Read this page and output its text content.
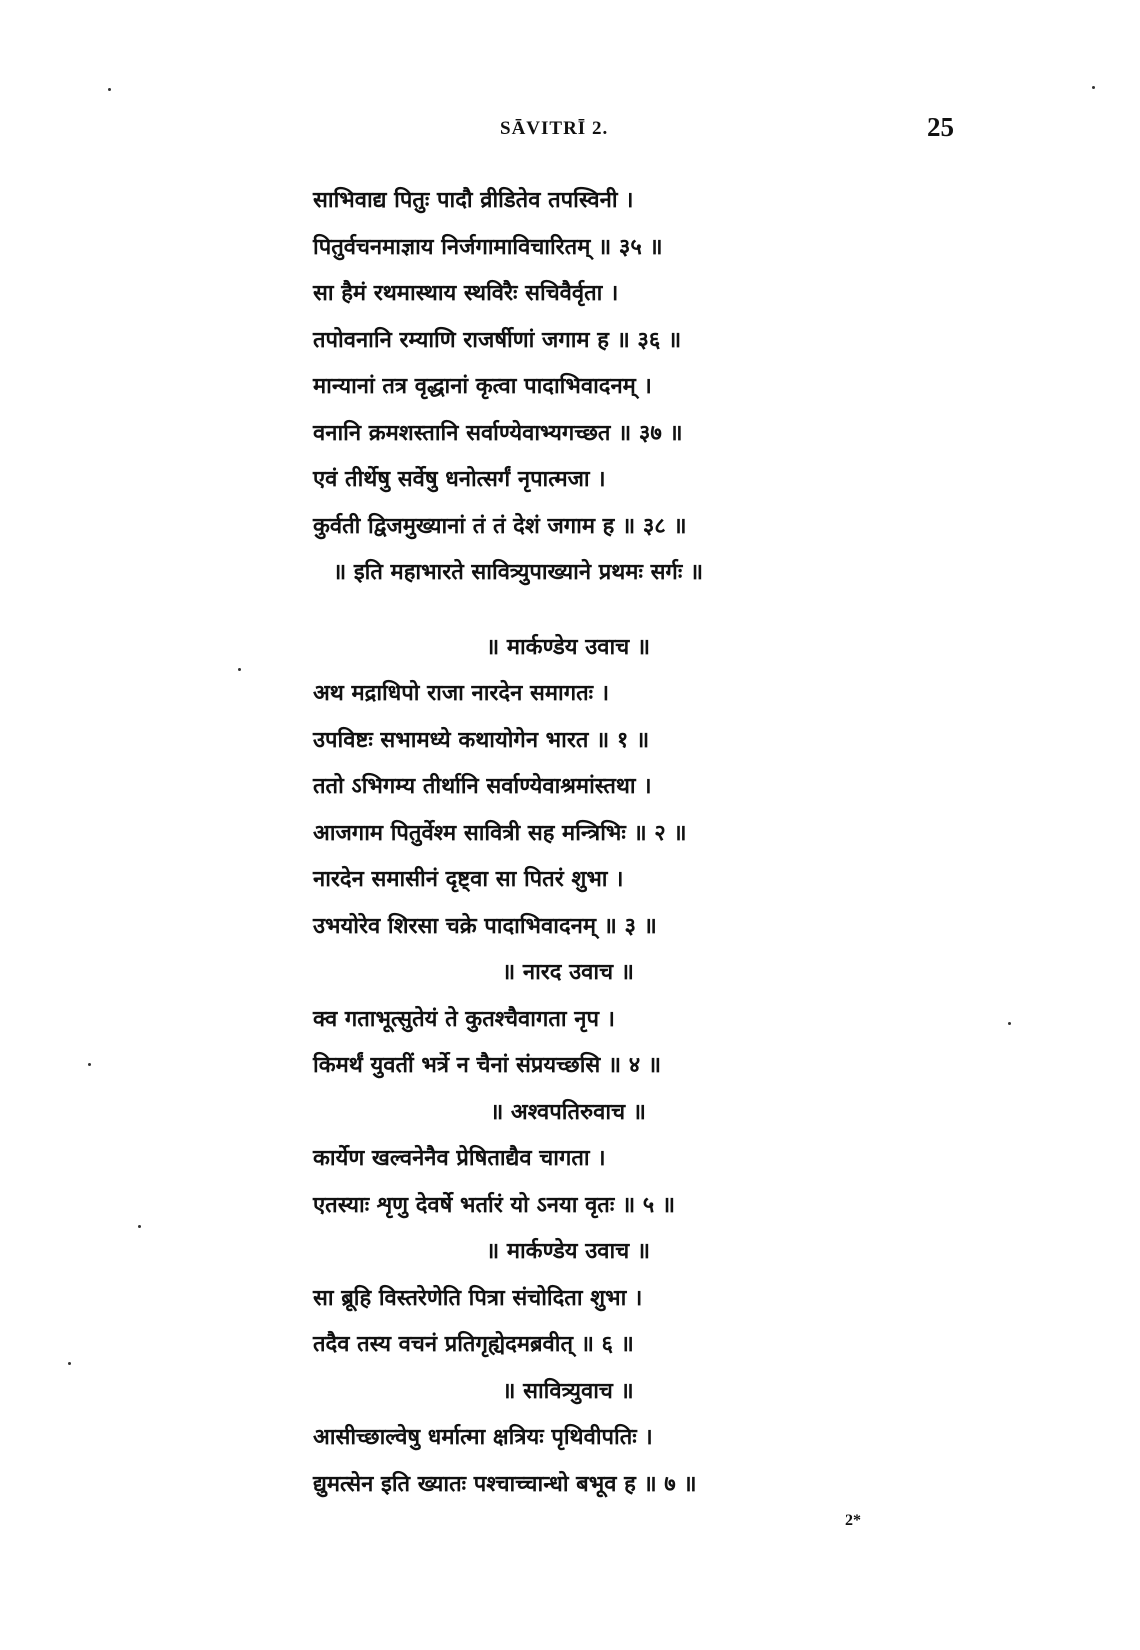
SĀVITRĪ 2.	25
साभिवाद्य पितुः पादौ व्रीडितेव तपस्विनी ।
पितुर्वचनमाज्ञाय निर्जगामाविचारितम् ॥ ३५ ॥
सा हैमं रथमास्थाय स्थविरैः सचिवैर्वृता ।
तपोवनानि रम्याणि राजर्षीणां जगाम ह ॥ ३६ ॥
मान्यानां तत्र वृद्धानां कृत्वा पादाभिवादनम् ।
वनानि क्रमशस्तानि सर्वाण्येवाभ्यगच्छत ॥ ३७ ॥
एवं तीर्थेषु सर्वेषु धनोत्सर्गं नृपात्मजा ।
कुर्वती द्विजमुख्यानां तं तं देशं जगाम ह ॥ ३८ ॥
॥ इति महाभारते सावित्र्युपाख्याने प्रथमः सर्गः ॥
॥ मार्कण्डेय उवाच ॥
अथ मद्राधिपो राजा नारदेन समागतः ।
उपविष्टः सभामध्ये कथायोगेन भारत ॥ १ ॥
ततो ऽभिगम्य तीर्थानि सर्वाण्येवाश्रमांस्तथा ।
आजगाम पितुर्वेश्म सावित्री सह मन्त्रिभिः ॥ २ ॥
नारदेन समासीनं दृष्ट्वा सा पितरं शुभा ।
उभयोरेव शिरसा चक्रे पादाभिवादनम् ॥ ३ ॥
॥ नारद उवाच ॥
क्व गताभूत्सुतेयं ते कुतश्चैवागता नृप ।
किमर्थं युवतीं भर्त्रे न चैनां संप्रयच्छसि ॥ ४ ॥
॥ अश्वपतिरुवाच ॥
कार्येण खल्वनेनैव प्रेषिताद्यैव चागता ।
एतस्याः शृणु देवर्षे भर्तारं यो ऽनया वृतः ॥ ५ ॥
॥ मार्कण्डेय उवाच ॥
सा ब्रूहि विस्तरेणेति पित्रा संचोदिता शुभा ।
तदैव तस्य वचनं प्रतिगृह्येदमब्रवीत् ॥ ६ ॥
॥ सावित्र्युवाच ॥
आसीच्छाल्वेषु धर्मात्मा क्षत्रियः पृथिवीपतिः ।
द्युमत्सेन इति ख्यातः पश्चाच्चान्धो बभूव ह ॥ ७ ॥
2*
